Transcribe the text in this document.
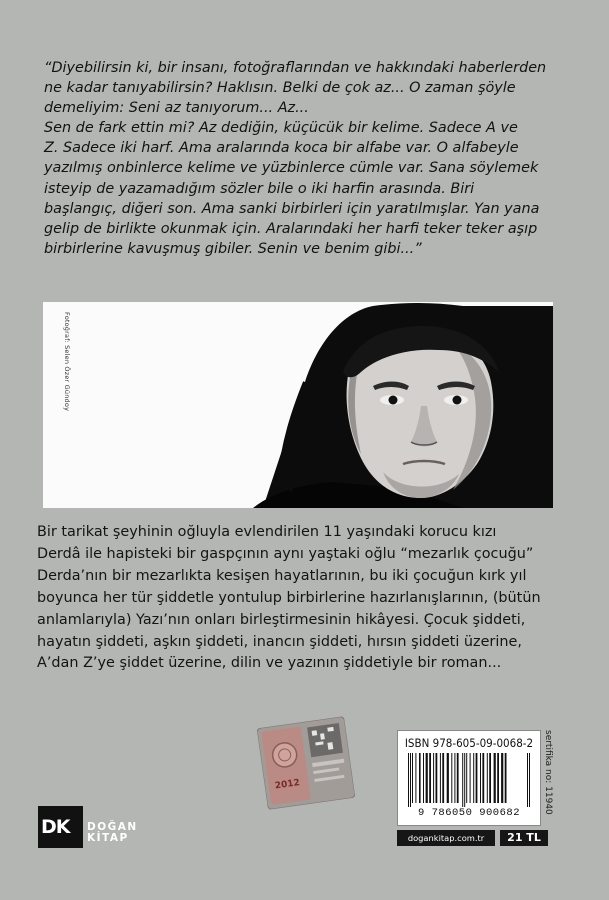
“Diyebilirsin ki, bir insanı, fotoğraflarından ve hakkındaki haberlerden

ne kadar tanıyabilirsin? Haklısın. Belki de çok az... O zaman şöyle

demeliyim: Seni az tanıyorum... Az...

Sen de fark ettin mi? Az dediğin, küçücük bir kelime. Sadece A ve

Z. Sadece iki harf. Ama aralarında koca bir alfabe var. O alfabeyle

yazılmış onbinlerce kelime ve yüzbinlerce cümle var. Sana söylemek

isteyip de yazamadığım sözler bile o iki harfin arasında. Biri

başlangıç, diğeri son. Ama sanki birbirleri için yaratılmışlar. Yan yana

gelip de birlikte okunmak için. Aralarındaki her harfi teker teker aşıp

birbirlerine kavuşmuş gibiler. Senin ve benim gibi...”

Fotoğraf: Selen Özer Gündoy

Bir tarikat şeyhinin oğluyla evlendirilen 11 yaşındaki korucu kızı

Derdâ ile hapisteki bir gaspçının aynı yaştaki oğlu “mezarlık çocuğu”

Derda’nın bir mezarlıkta kesişen hayatlarının, bu iki çocuğun kırk yıl

boyunca her tür şiddetle yontulup birbirlerine hazırlanışlarının, (bütün

anlamlarıyla) Yazı’nın onları birleştirmesinin hikâyesi. Çocuk şiddeti,

hayatın şiddeti, aşkın şiddeti, inancın şiddeti, hırsın şiddeti üzerine,

A’dan Z’ye şiddet üzerine, dilin ve yazının şiddetiyle bir roman...

2012
ISBN 978-605-09-0068-2
9 786050 900682	sertifika no: 11940
dogankitap.com.tr	21 TL
DK	DOĞAN
KİTAP
